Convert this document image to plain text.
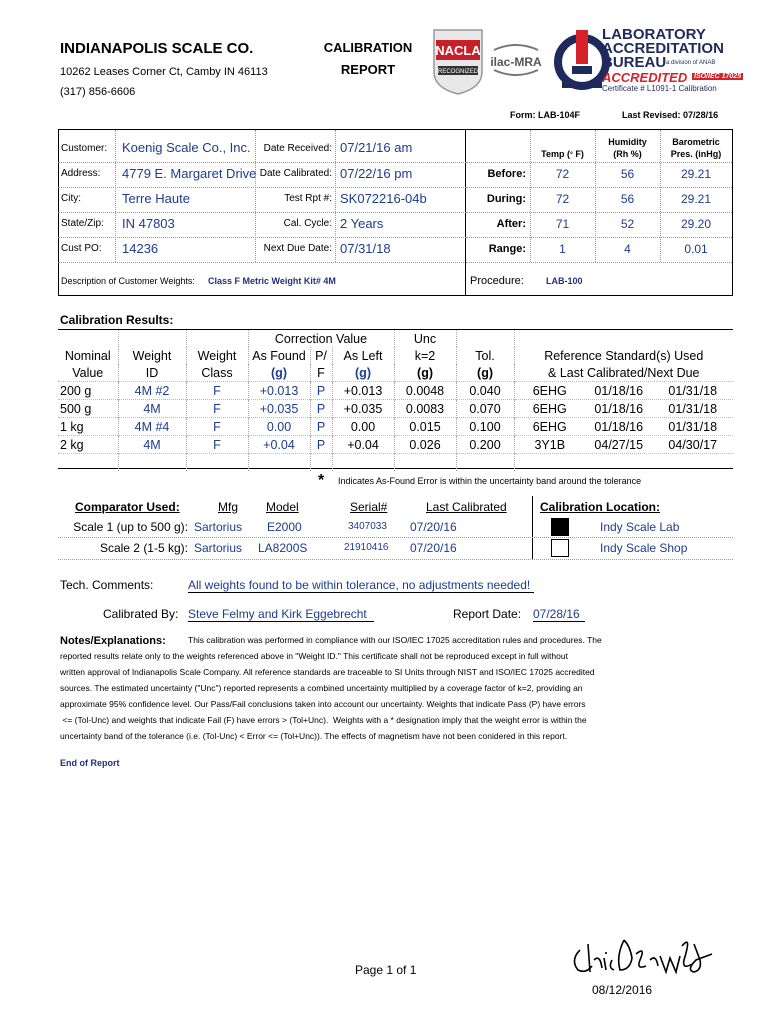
INDIANAPOLIS SCALE CO.
10262 Leases Corner Ct, Camby IN 46113
(317) 856-6606
CALIBRATION
REPORT
NACLA
RECOGNIZED
ilac-MRA
LABORATORY
ACCREDITATION
BUREAU a division of ANAB
ACCREDITED ISO/IEC 17025
Certificate # L1091-1 Calibration
Form: LAB-104F	Last Revised: 07/28/16
Customer: Koenig Scale Co., Inc.
Address: 4779 E. Margaret Drive
City:	Terre Haute
State/Zip: IN 47803
Cust PO: 14236
Date Received: 07/21/16 am
Date Calibrated: 07/22/16 pm
Test Rpt #: SK072216-04b
Cal. Cycle: 2 Years
Next Due Date: 07/31/18
Description of Customer Weights: Class F Metric Weight Kit# 4M	Procedure: LAB-100
Temp (° F)
Humidity
(Rh %)
Barometric
Pres. (inHg)
Before:	72	56	29.21
During:	72	56	29.21
After:	71	52	29.20
Range:	1	4	0.01
Calibration Results:
			Correction Value			Unc		
Nominal	Weight	Weight	As Found	P/	As Left	k=2	Tol.	Reference Standard(s) Used
Value	ID	Class	(g)	F	(g)	(g)	(g)	& Last Calibrated/Next Due
200 g	4M #2	F	+0.013	P	+0.013	0.0048	0.040	6EHG 01/18/16 01/31/18
500 g	4M	F	+0.035	P	+0.035	0.0083	0.070	6EHG 01/18/16 01/31/18
1 kg	4M #4	F	0.00	P	0.00	0.015	0.100	6EHG 01/18/16 01/31/18
2 kg	4M	F	+0.04	P	+0.04	0.026	0.200	3Y1B 04/27/15 04/30/17

* Indicates As-Found Error is within the uncertainty band around the tolerance
Comparator Used:	Mfg Model	Serial#	Last Calibrated	Calibration Location:
Scale 1 (up to 500 g): Sartorius E2000	3407033 07/20/16	Indy Scale Lab
Scale 2 (1-5 kg): Sartorius LA8200S	21910416 07/20/16	Indy Scale Shop
Tech. Comments:	All weights found to be within tolerance, no adjustments needed!
Calibrated By: Steve Felmy and Kirk Eggebrecht	Report Date: 07/28/16
Notes/Explanations:	This calibration was performed in compliance with our ISO/IEC 17025 accreditation rules and procedures. The
reported results relate only to the weights referenced above in "Weight ID." This certificate shall not be reproduced except in full without
written approval of Indianapolis Scale Company. All reference standards are traceable to SI Units through NIST and ISO/IEC 17025 accredited
sources. The estimated uncertainty ("Unc") reported represents a combined uncertainty multiplied by a coverage factor of k=2, providing an
approximate 95% confidence level. Our Pass/Fail conclusions taken into account our uncertainty. Weights that indicate Pass (P) have errors
<= (Tol-Unc) and weights that indicate Fail (F) have errors > (Tol+Unc).  Weights with a * designation imply that the weight error is within the
uncertainty band of the tolerance (i.e. (Tol-Unc) < Error <= (Tol+Unc)). The effects of magnetism have not been conidered in this report.
End of Report
Page 1 of 1
08/12/2016
